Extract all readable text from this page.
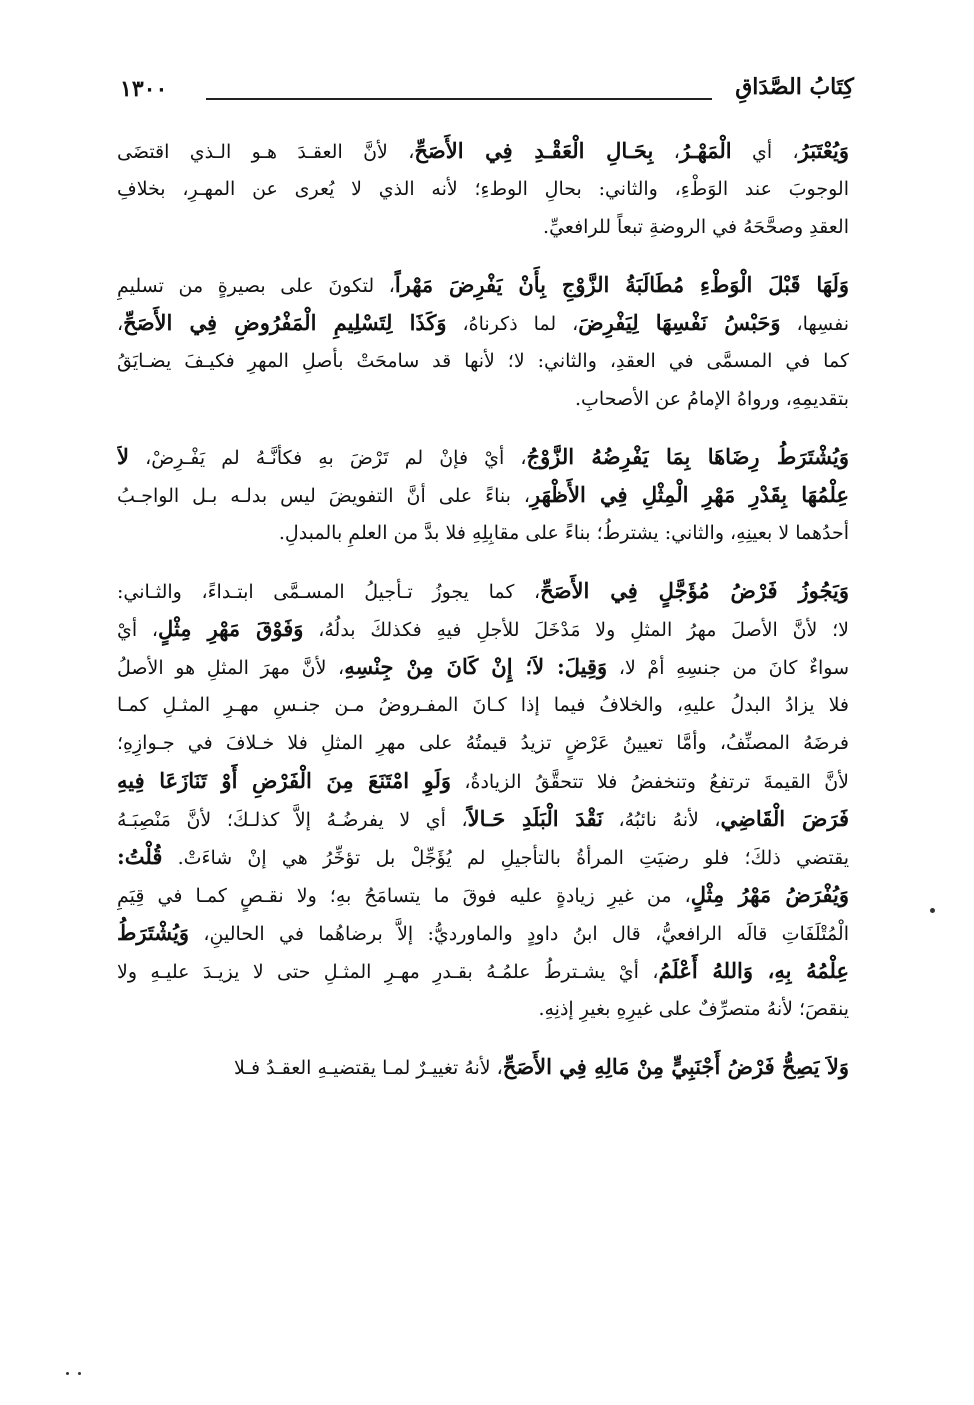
كِتَابُ الصَّدَاقِ
١٣٠٠
وَيُعْتَبَرُ، أي الْمَهْـرُ، بِحَـالِ الْعَقْـدِ فِي الأَصَحِّ، لأنَّ العقـدَ هـو الـذي اقتضَى
الوجوبَ عند الوَطْءِ، والثاني: بحالِ الوطءِ؛ لأنه الذي لا يُعرى عن المهـرِ، بخلافِ
العقدِ وصحَّحَهُ في الروضةِ تبعاً للرافعيِّ.
وَلَهَا قَبْلَ الْوَطْءِ مُطَالَبَةُ الزَّوْجِ بِأَنْ يَفْرِضَ مَهْراً، لتكونَ على بصيرةٍ من تسليمِ
نفسِها، وَحَبْسُ نَفْسِهَا لِيَفْرِضَ، لما ذكرناهُ، وَكَذَا لِتَسْلِيمِ الْمَفْرُوضِ فِي الأَصَحِّ،
كما في المسمَّى في العقدِ، والثاني: لا؛ لأنها قد سامحَتْ بأصلِ المهرِ فكيـفَ يضـايَقُ
بتقديمِهِ، ورواهُ الإمامُ عن الأصحابِ.
وَيُشْتَرَطُ رِضَاهَا بِمَا يَفْرِضُهُ الزَّوْجُ، أيْ فإنْ لم تَرْضَ بهِ فكأنَّـهُ لم يَفْـرِضْ، لاَ
عِلْمُهَا بِقَدْرِ مَهْرِ الْمِثْلِ فِي الأَظْهَرِ، بناءً على أنَّ التفويضَ ليس بدلـه بـل الواجـبُ
أحدُهما لا بعينِهِ، والثاني: يشترطُ؛ بناءً على مقابِلِهِ فلا بدَّ من العلمِ بالمبدلِ.
وَيَجُوزُ فَرْضُ مُؤَجَّلٍ فِي الأَصَحِّ، كما يجوزُ تـأجيلُ المسـمَّى ابتـداءً، والثـاني:
لا؛ لأنَّ الأصلَ مهرُ المثلِ ولا مَدْخَلَ للأجلِ فيهِ فكذلكَ بدلُهُ، وَفَوْقَ مَهْرِ مِثْلٍ، أيْ
سواءٌ كانَ من جنسِهِ أمْ لا، وَقِيلَ: لاَ؛ إِنْ كَانَ مِنْ جِنْسِهِ، لأنَّ مهرَ المثلِ هو الأصلُ
فلا يزادُ البدلُ عليهِ، والخلافُ فيما إذا كـانَ المفـروضُ مـن جنـسِ مهـرِ المثـلِ كمـا
فرضَهُ المصنِّفُ، وأمَّا تعيينُ عَرْضٍ تزيدُ قيمتُهُ على مهرِ المثلِ فلا خـلافَ في جـوازِهِ؛
لأنَّ القيمةَ ترتفعُ وتنخفضُ فلا تتحقَّقُ الزيادةُ، وَلَوِ امْتَنَعَ مِنَ الْفَرْضِ أَوْ تَنَازَعَا فِيهِ
فَرَضَ الْقَاضِي، لأنهُ نائبُهُ، نَقْدَ الْبَلَدِ حَـالاً، أي لا يفرضُـهُ إلاَّ كذلـكَ؛ لأنَّ مَنْصِبَـهُ
يقتضي ذلكَ؛ فلو رضيَتِ المرأةُ بالتأجيلِ لم يُؤَجِّلْ بل تؤخِّرُ هي إنْ شاءَتْ. قُلْتُ:
وَيُفْرَضُ مَهْرُ مِثْلٍ، من غيرِ زيادةٍ عليه فوقَ ما يتسامَحُ بهِ؛ ولا نقـصٍ كمـا في قِيَمِ
الْمُتْلَفَاتِ قالَه الرافعيُّ، قال ابنُ داودٍ والماورديُّ: إلاَّ برضاهُما في الحالينِ، وَيُشْتَرَطُ
عِلْمُهُ بِهِ، وَاللهُ أَعْلَمُ، أيْ يشـترطُ علمُـهُ بقـدرِ مهـرِ المثـلِ حتى لا يزيـدَ عليـهِ ولا
ينقصَ؛ لأنهُ متصرِّفٌ على غيرِهِ بغيرِ إذنِهِ.
وَلاَ يَصِحُّ فَرْضُ أَجْنَبِيٍّ مِنْ مَالِهِ فِي الأَصَحِّ، لأنهُ تغييـرٌ لمـا يقتضيـهِ العقـدُ فـلا
